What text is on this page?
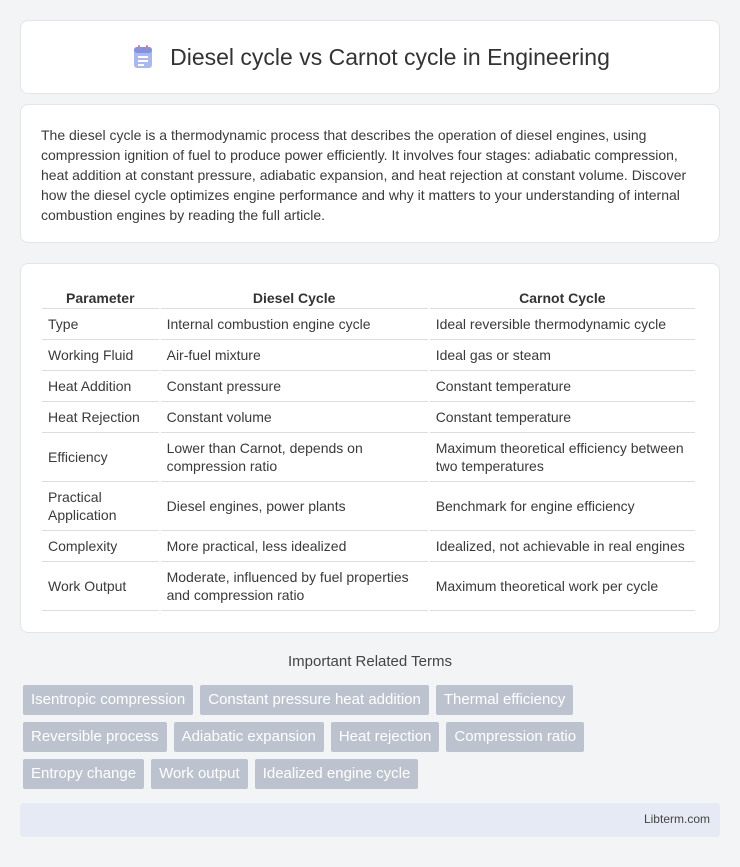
Diesel cycle vs Carnot cycle in Engineering

The diesel cycle is a thermodynamic process that describes the operation of diesel engines, using compression ignition of fuel to produce power efficiently. It involves four stages: adiabatic compression, heat addition at constant pressure, adiabatic expansion, and heat rejection at constant volume. Discover how the diesel cycle optimizes engine performance and why it matters to your understanding of internal combustion engines by reading the full article.

Parameter	Diesel Cycle	Carnot Cycle
Type	Internal combustion engine cycle	Ideal reversible thermodynamic cycle
Working Fluid	Air-fuel mixture	Ideal gas or steam
Heat Addition	Constant pressure	Constant temperature
Heat Rejection	Constant volume	Constant temperature
Efficiency	Lower than Carnot, depends on compression ratio	Maximum theoretical efficiency between two temperatures
Practical Application	Diesel engines, power plants	Benchmark for engine efficiency
Complexity	More practical, less idealized	Idealized, not achievable in real engines
Work Output	Moderate, influenced by fuel properties and compression ratio	Maximum theoretical work per cycle
Important Related Terms
Isentropic compression	Constant pressure heat addition	Thermal efficiency
Reversible process	Adiabatic expansion	Heat rejection	Compression ratio
Entropy change	Work output	Idealized engine cycle
Libterm.com
